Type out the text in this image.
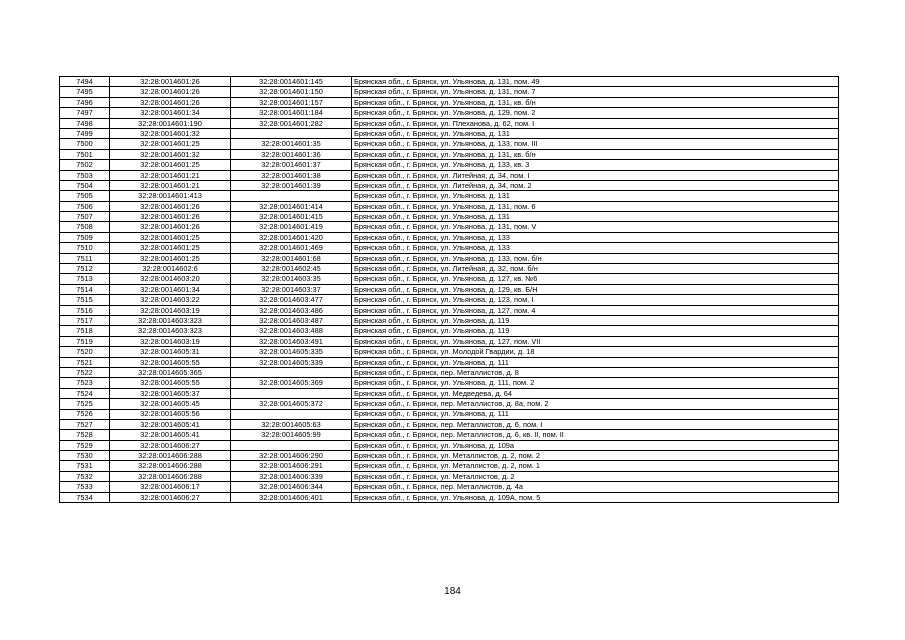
7494	32:28:0014601:26	32:28:0014601:145	Брянская обл., г. Брянск, ул. Ульянова, д. 131, пом. 49
7495	32:28:0014601:26	32:28:0014601:150	Брянская обл., г. Брянск, ул. Ульянова, д. 131, пом. 7
7496	32:28:0014601:26	32:28:0014601:157	Брянская обл., г. Брянск, ул. Ульянова, д. 131, кв. б/н
7497	32:28:0014601:34	32:28:0014601:184	Брянская обл., г. Брянск, ул. Ульянова, д. 129, пом. 2
7498	32:28:0014601:190	32:28:0014601:282	Брянская обл., г. Брянск, ул. Плеханова, д. 62, пом. I
7499	32:28:0014601:32		Брянская обл., г. Брянск, ул. Ульянова, д. 131
7500	32:28:0014601:25	32:28:0014601:35	Брянская обл., г. Брянск, ул. Ульянова, д. 133, пом. III
7501	32:28:0014601:32	32:28:0014601:36	Брянская обл., г. Брянск, ул. Ульянова, д. 131, кв. б/н
7502	32:28:0014601:25	32:28:0014601:37	Брянская обл., г. Брянск, ул. Ульянова, д. 133, кв. 3
7503	32:28:0014601:21	32:28:0014601:38	Брянская обл., г. Брянск, ул. Литейная, д. 34, пом. I
7504	32:28:0014601:21	32:28:0014601:39	Брянская обл., г. Брянск, ул. Литейная, д. 34, пом. 2
7505	32:28:0014601:413		Брянская обл., г. Брянск, ул. Ульянова, д. 131
7506	32:28:0014601:26	32:28:0014601:414	Брянская обл., г. Брянск, ул. Ульянова, д. 131, пом. 6
7507	32:28:0014601:26	32:28:0014601:415	Брянская обл., г. Брянск, ул. Ульянова, д. 131
7508	32:28:0014601:26	32:28:0014601:419	Брянская обл., г. Брянск, ул. Ульянова, д. 131, пом. V
7509	32:28:0014601:25	32:28:0014601:420	Брянская обл., г. Брянск, ул. Ульянова, д. 133
7510	32:28:0014601:25	32:28:0014601:469	Брянская обл., г. Брянск, ул. Ульянова, д. 133
7511	32:28:0014601:25	32:28:0014601:68	Брянская обл., г. Брянск, ул. Ульянова, д. 133, пом. б/н
7512	32:28:0014602:6	32:28:0014602:45	Брянская обл., г. Брянск, ул. Литейная, д. 32, пом. б/н
7513	32:28:0014603:20	32:28:0014603:35	Брянская обл., г. Брянск, ул. Ульянова, д. 127, кв. №6
7514	32:28:0014601:34	32:28:0014603:37	Брянская обл., г. Брянск, ул. Ульянова, д. 129, кв. Б/Н
7515	32:28:0014603:22	32:28:0014603:477	Брянская обл., г. Брянск, ул. Ульянова, д. 123, пом. I
7516	32:28:0014603:19	32:28:0014603:486	Брянская обл., г. Брянск, ул. Ульянова, д. 127, пом. 4
7517	32:28:0014603:323	32:28:0014603:487	Брянская обл., г. Брянск, ул. Ульянова, д. 119
7518	32:28:0014603:323	32:28:0014603:488	Брянская обл., г. Брянск, ул. Ульянова, д. 119
7519	32:28:0014603:19	32:28:0014603:491	Брянская обл., г. Брянск, ул. Ульянова, д. 127, пом. VII
7520	32:28:0014605:31	32:28:0014605:335	Брянская обл., г. Брянск, ул. Молодой Гвардии, д. 18
7521	32:28:0014605:55	32:28:0014605:339	Брянская обл., г. Брянск, ул. Ульянова, д. 111
7522	32:28:0014605:365		Брянская обл., г. Брянск, пер. Металлистов, д. 8
7523	32:28:0014605:55	32:28:0014605:369	Брянская обл., г. Брянск, ул. Ульянова, д. 111, пом. 2
7524	32:28:0014605:37		Брянская обл., г. Брянск, ул. Медведева, д. 64
7525	32:28:0014605:45	32:28:0014605:372	Брянская обл., г. Брянск, пер. Металлистов, д. 8а, пом. 2
7526	32:28:0014605:56		Брянская обл., г. Брянск, ул. Ульянова, д. 111
7527	32:28:0014605:41	32:28:0014605:63	Брянская обл., г. Брянск, пер. Металлистов, д. 6, пом. I
7528	32:28:0014605:41	32:28:0014605:99	Брянская обл., г. Брянск, пер. Металлистов, д. 6, кв. II, пом. II
7529	32:28:0014606:27		Брянская обл., г. Брянск, ул. Ульянова, д. 109а
7530	32:28:0014606:288	32:28:0014606:290	Брянская обл., г. Брянск, ул. Металлистов, д. 2, пом. 2
7531	32:28:0014606:288	32:28:0014606:291	Брянская обл., г. Брянск, ул. Металлистов, д. 2, пом. 1
7532	32:28:0014606:288	32:28:0014606:339	Брянская обл., г. Брянск, ул. Металлистов, д. 2
7533	32:28:0014606:17	32:28:0014606:344	Брянская обл., г. Брянск, пер. Металлистов, д. 4а
7534	32:28:0014606:27	32:28:0014606:401	Брянская обл., г. Брянск, ул. Ульянова, д. 109А, пом. 5
184
